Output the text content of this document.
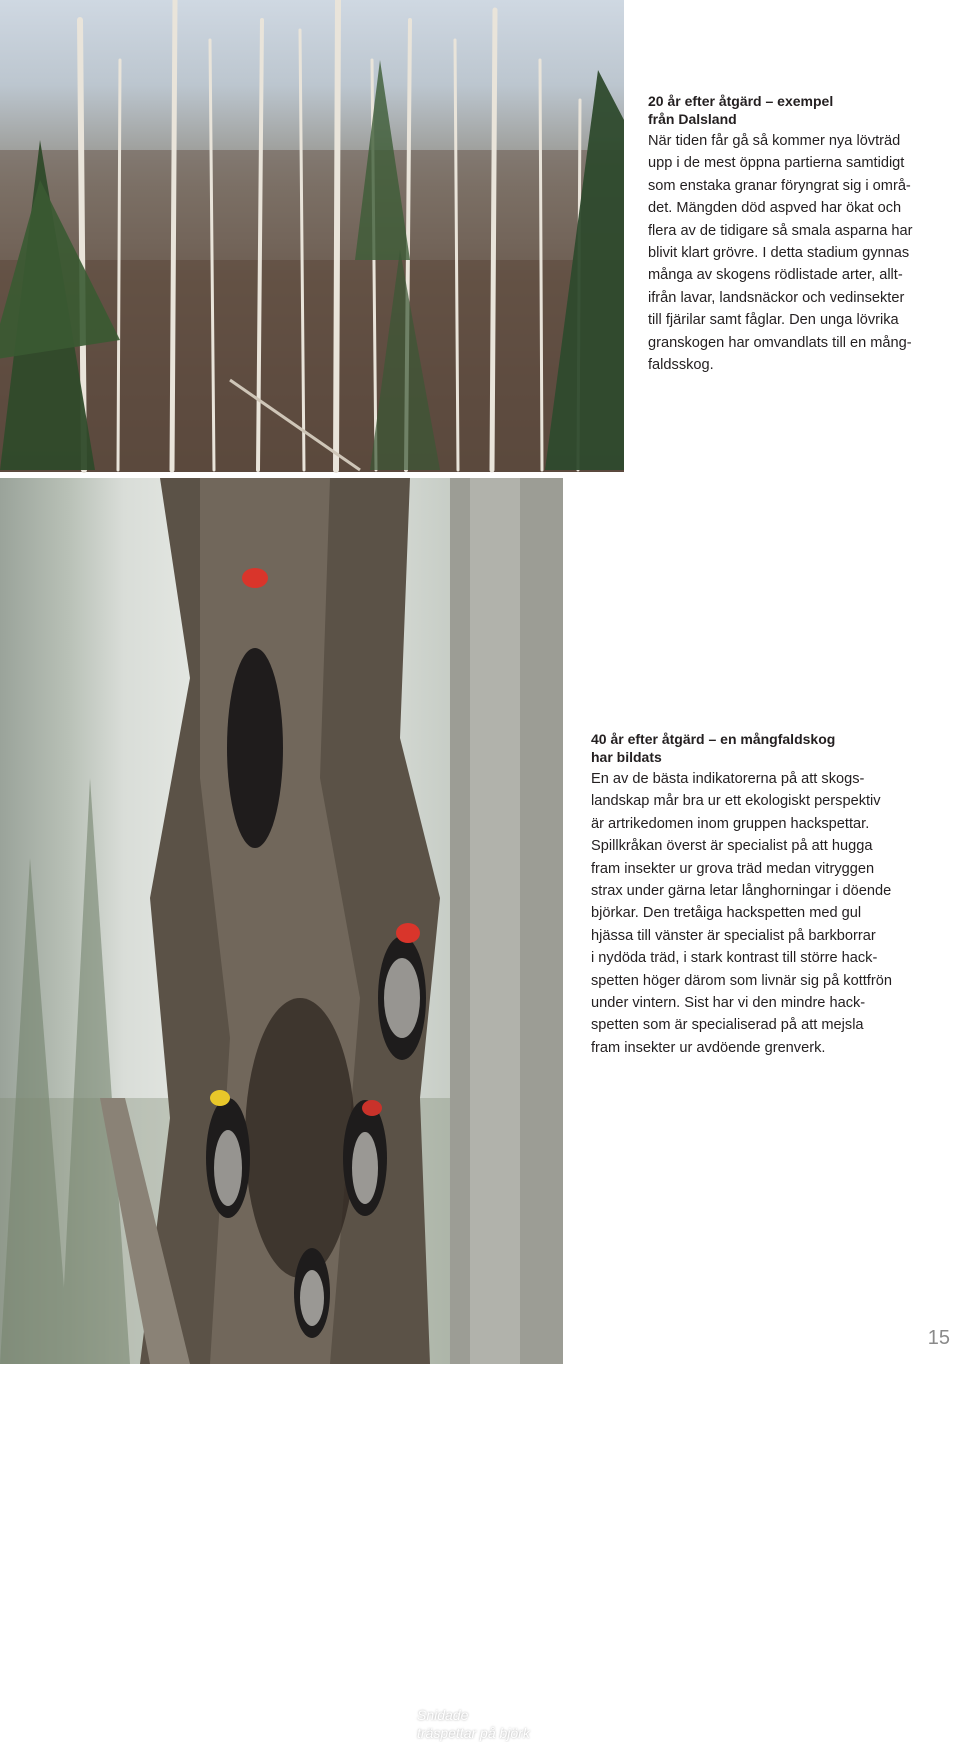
20 år efter åtgärd – exempel
från Dalsland

När tiden får gå så kommer nya lövträd
upp i de mest öppna partierna samtidigt
som enstaka granar föryngrat sig i områ-
det. Mängden död aspved har ökat och
flera av de tidigare så smala asparna har
blivit klart grövre. I detta stadium gynnas
många av skogens rödlistade arter, allt-
ifrån lavar, landsnäckor och vedinsekter
till fjärilar samt fåglar. Den unga lövrika
granskogen har omvandlats till en mång-
faldsskog.

Snidade
träspettar på björk
40 år efter åtgärd – en mångfaldskog
har bildats

En av de bästa indikatorerna på att skogs-
landskap mår bra ur ett ekologiskt perspektiv
är artrikedomen inom gruppen hackspettar.
Spillkråkan överst är specialist på att hugga
fram insekter ur grova träd medan vitryggen
strax under gärna letar långhorningar i döende
björkar. Den tretåiga hackspetten med gul
hjässa till vänster är specialist på barkborrar
i nydöda träd, i stark kontrast till större hack-
spetten höger därom som livnär sig på kottfrön
under vintern. Sist har vi den mindre hack-
spetten som är specialiserad på att mejsla
fram insekter ur avdöende grenverk.

15
